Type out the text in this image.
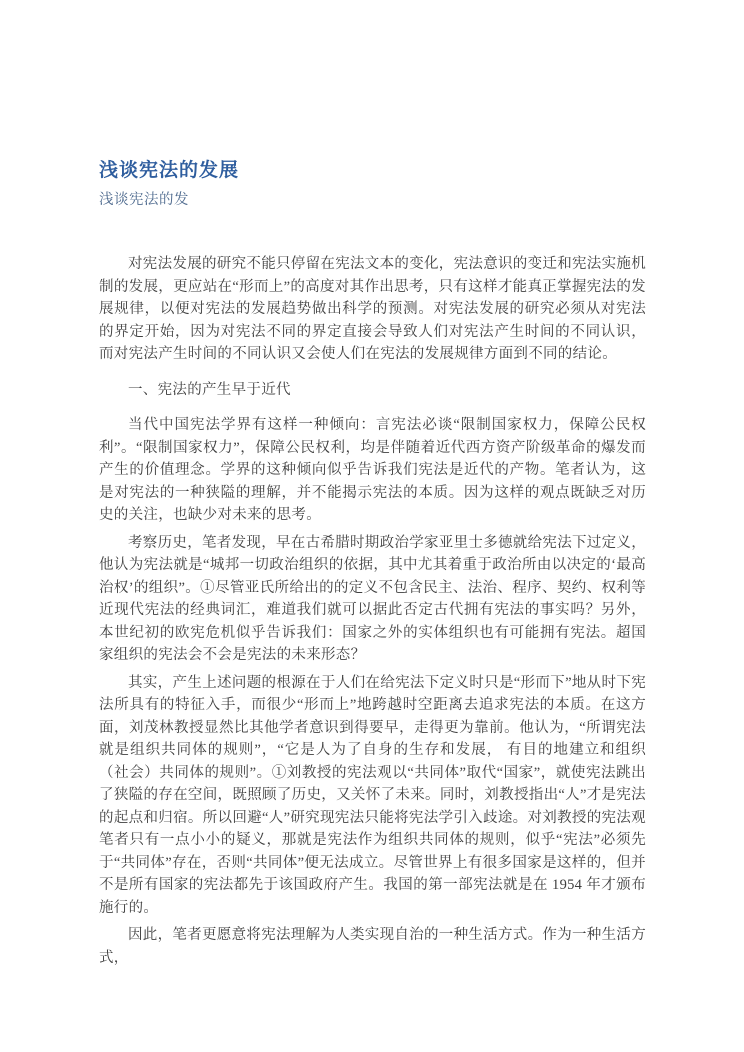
浅谈宪法的发展
浅谈宪法的发

对宪法发展的研究不能只停留在宪法文本的变化，宪法意识的变迁和宪法实施机制的发展，更应站在“形而上”的高度对其作出思考，只有这样才能真正掌握宪法的发展规律，以便对宪法的发展趋势做出科学的预测。对宪法发展的研究必须从对宪法的界定开始，因为对宪法不同的界定直接会导致人们对宪法产生时间的不同认识，而对宪法产生时间的不同认识又会使人们在宪法的发展规律方面到不同的结论。

一、宪法的产生早于近代

当代中国宪法学界有这样一种倾向：言宪法必谈“限制国家权力，保障公民权利”。“限制国家权力”，保障公民权利，均是伴随着近代西方资产阶级革命的爆发而产生的价值理念。学界的这种倾向似乎告诉我们宪法是近代的产物。笔者认为，这是对宪法的一种狭隘的理解，并不能揭示宪法的本质。因为这样的观点既缺乏对历史的关注，也缺少对未来的思考。

考察历史，笔者发现，早在古希腊时期政治学家亚里士多德就给宪法下过定义，他认为宪法就是“城邦一切政治组织的依据，其中尤其着重于政治所由以决定的‘最高治权’的组织”。①尽管亚氏所给出的的定义不包含民主、法治、程序、契约、权利等近现代宪法的经典词汇，难道我们就可以据此否定古代拥有宪法的事实吗？另外，本世纪初的欧宪危机似乎告诉我们：国家之外的实体组织也有可能拥有宪法。超国家组织的宪法会不会是宪法的未来形态？

其实，产生上述问题的根源在于人们在给宪法下定义时只是“形而下”地从时下宪法所具有的特征入手，而很少“形而上”地跨越时空距离去追求宪法的本质。在这方面，刘茂林教授显然比其他学者意识到得要早，走得更为靠前。他认为，“所谓宪法就是组织共同体的规则”，“它是人为了自身的生存和发展， 有目的地建立和组织（社会）共同体的规则”。①刘教授的宪法观以“共同体”取代“国家”，就使宪法跳出了狭隘的存在空间，既照顾了历史，又关怀了未来。同时，刘教授指出“人”才是宪法的起点和归宿。所以回避“人”研究现宪法只能将宪法学引入歧途。对刘教授的宪法观笔者只有一点小小的疑义，那就是宪法作为组织共同体的规则，似乎“宪法”必须先于“共同体”存在，否则“共同体”便无法成立。尽管世界上有很多国家是这样的，但并不是所有国家的宪法都先于该国政府产生。我国的第一部宪法就是在 1954 年才颁布施行的。

因此，笔者更愿意将宪法理解为人类实现自治的一种生活方式。作为一种生活方式，
